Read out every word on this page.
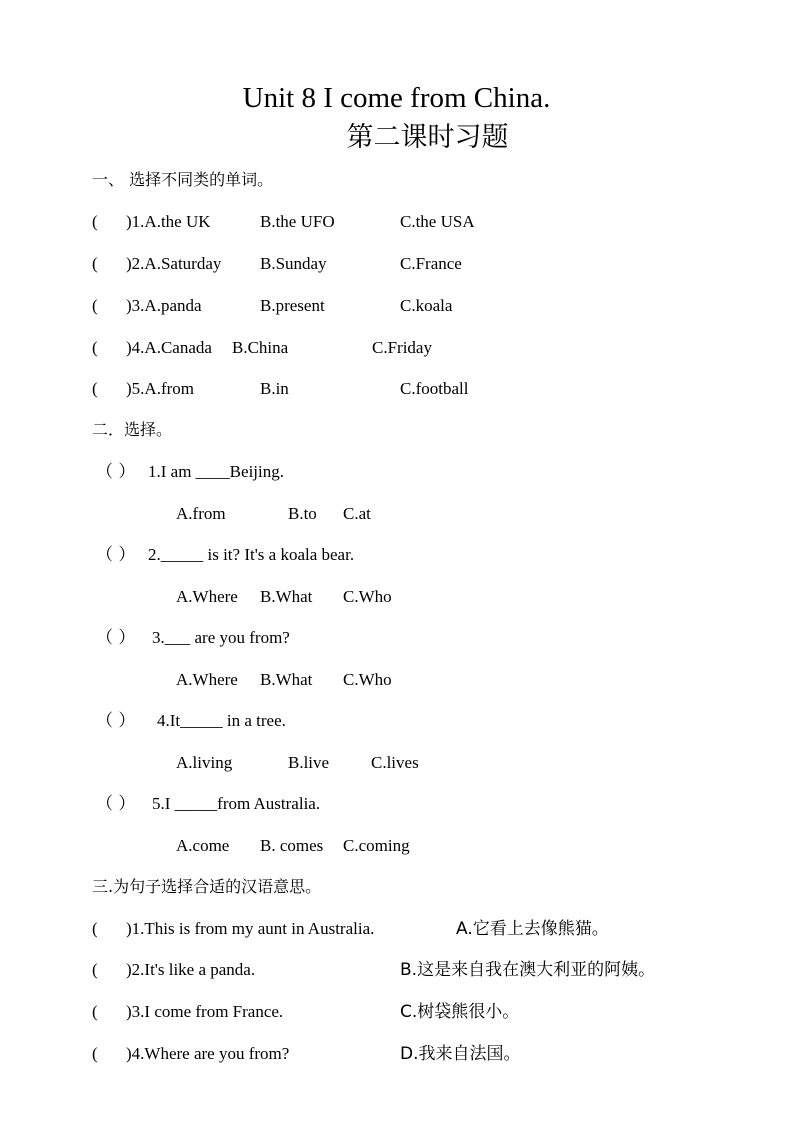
Unit 8 I come from China.
第二课时习题
一、 选择不同类的单词。
( )1.A.the UK	B.the UFO	C.the USA
( )2.A.Saturday B.Sunday	C.France
( )3.A.panda	B.present	C.koala
( )4.A.Canada B.China	C.Friday
( )5.A.from	B.in	C.football
二．选择。
（ ） 1.I am ____Beijing.
A.from	B.to C.at
（ ） 2._____ is it? It's a koala bear.
A.Where B.What C.Who
（ ） 3.___ are you from?
A.Where B.What C.Who
（ ） 4.It_____ in a tree.
A.living	B.live C.lives
（ ） 5.I _____from Australia.
A.come B. comes C.coming
三.为句子选择合适的汉语意思。
( )1.This is from my aunt in Australia.	A.它看上去像熊猫。
( )2.It's like a panda.	B.这是来自我在澳大利亚的阿姨。
( )3.I come from France.	C.树袋熊很小。
( )4.Where are you from?	D.我来自法国。
